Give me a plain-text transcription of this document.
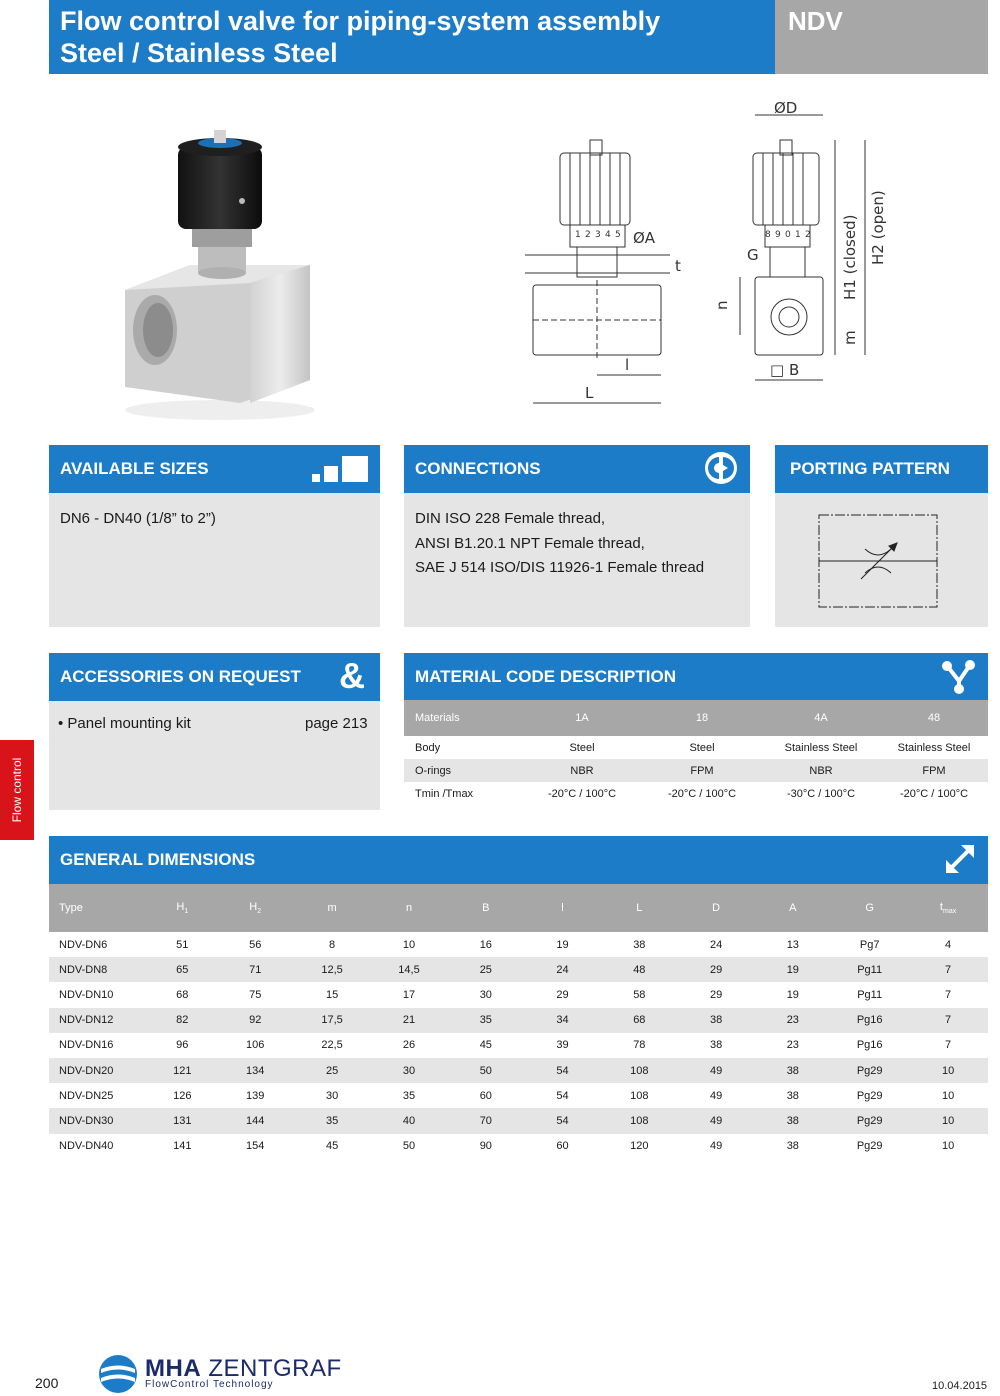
Flow control valve for piping-system assembly
Steel / Stainless Steel
NDV
ØD
ØA
t
G	H1 (closed) H2 (open)
n
m
□ B
l
L
1 2 3 4 5	8 9 0 1 2
AVAILABLE SIZES
DN6 - DN40 (1/8” to 2”)
CONNECTIONS
DIN ISO 228 Female thread,
ANSI B1.20.1 NPT Female thread,
SAE J 514 ISO/DIS 11926-1 Female thread
PORTING PATTERN
ACCESSORIES ON REQUEST &
• Panel mounting kit	page 213
MATERIAL CODE DESCRIPTION
Materials	1A	18	4A	48
Body	Steel	Steel	Stainless Steel	Stainless Steel
O-rings	NBR	FPM	NBR	FPM
Tmin /Tmax	-20°C / 100°C	-20°C / 100°C	-30°C / 100°C	-20°C / 100°C
GENERAL DIMENSIONS
Type	$H_1$	$H_2$	m	n	B	l	L	D	A	G	$t_{max}$
NDV-DN6	51	56	8	10	16	19	38	24	13	Pg7	4
NDV-DN8	65	71	12,5	14,5	25	24	48	29	19	Pg11	7
NDV-DN10	68	75	15	17	30	29	58	29	19	Pg11	7
NDV-DN12	82	92	17,5	21	35	34	68	38	23	Pg16	7
NDV-DN16	96	106	22,5	26	45	39	78	38	23	Pg16	7
NDV-DN20	121	134	25	30	50	54	108	49	38	Pg29	10
NDV-DN25	126	139	30	35	60	54	108	49	38	Pg29	10
NDV-DN30	131	144	35	40	70	54	108	49	38	Pg29	10
NDV-DN40	141	154	45	50	90	60	120	49	38	Pg29	10
Flow control
200
MHA ZENTGRAF
FlowControl Technology	10.04.2015
